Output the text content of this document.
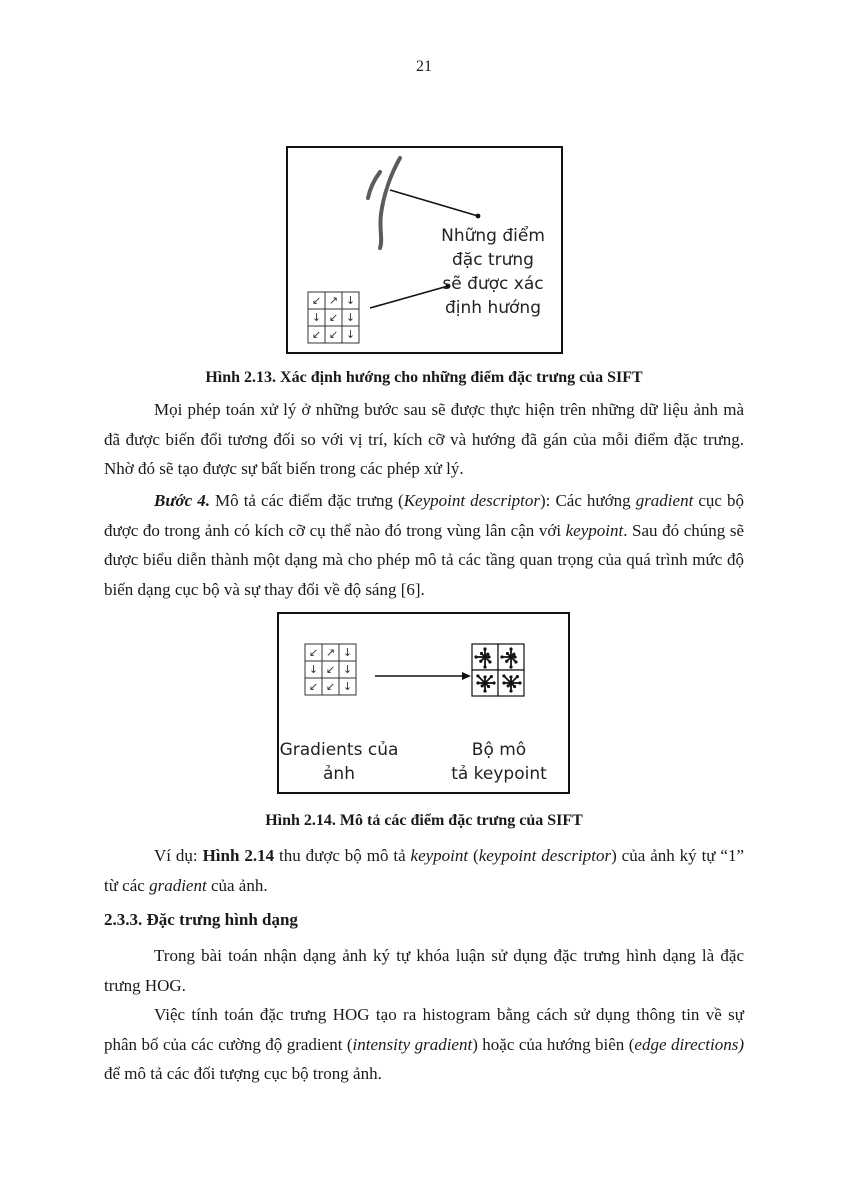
21
↙ ↗ ↓
↓ ↙ ↓
↙ ↙ ↓
Những điểm
đặc trưng
sẽ được xác
định hướng
Hình 2.13. Xác định hướng cho những điểm đặc trưng của SIFT

Mọi phép toán xử lý ở những bước sau sẽ được thực hiện trên những dữ liệu ảnh mà đã được biến đổi tương đối so với vị trí, kích cỡ và hướng đã gán của mỗi điểm đặc trưng. Nhờ đó sẽ tạo được sự bất biến trong các phép xử lý.

Bước 4. Mô tả các điểm đặc trưng (Keypoint descriptor): Các hướng gradient cục bộ được đo trong ảnh có kích cỡ cụ thể nào đó trong vùng lân cận với keypoint. Sau đó chúng sẽ được biểu diễn thành một dạng mà cho phép mô tả các tầng quan trọng của quá trình mức độ biến dạng cục bộ và sự thay đổi về độ sáng [6].

↙ ↗ ↓
↓ ↙ ↓
↙ ↙ ↓
Gradients của
ảnh
Bộ mô
tả keypoint
Hình 2.14. Mô tả các điểm đặc trưng của SIFT

Ví dụ: Hình 2.14 thu được bộ mô tả keypoint (keypoint descriptor) của ảnh ký tự “1” từ các gradient của ảnh.

2.3.3. Đặc trưng hình dạng

Trong bài toán nhận dạng ảnh ký tự khóa luận sử dụng đặc trưng hình dạng là đặc trưng HOG.

Việc tính toán đặc trưng HOG tạo ra histogram bằng cách sử dụng thông tin về sự phân bố của các cường độ gradient (intensity gradient) hoặc của hướng biên (edge directions) để mô tả các đối tượng cục bộ trong ảnh.
